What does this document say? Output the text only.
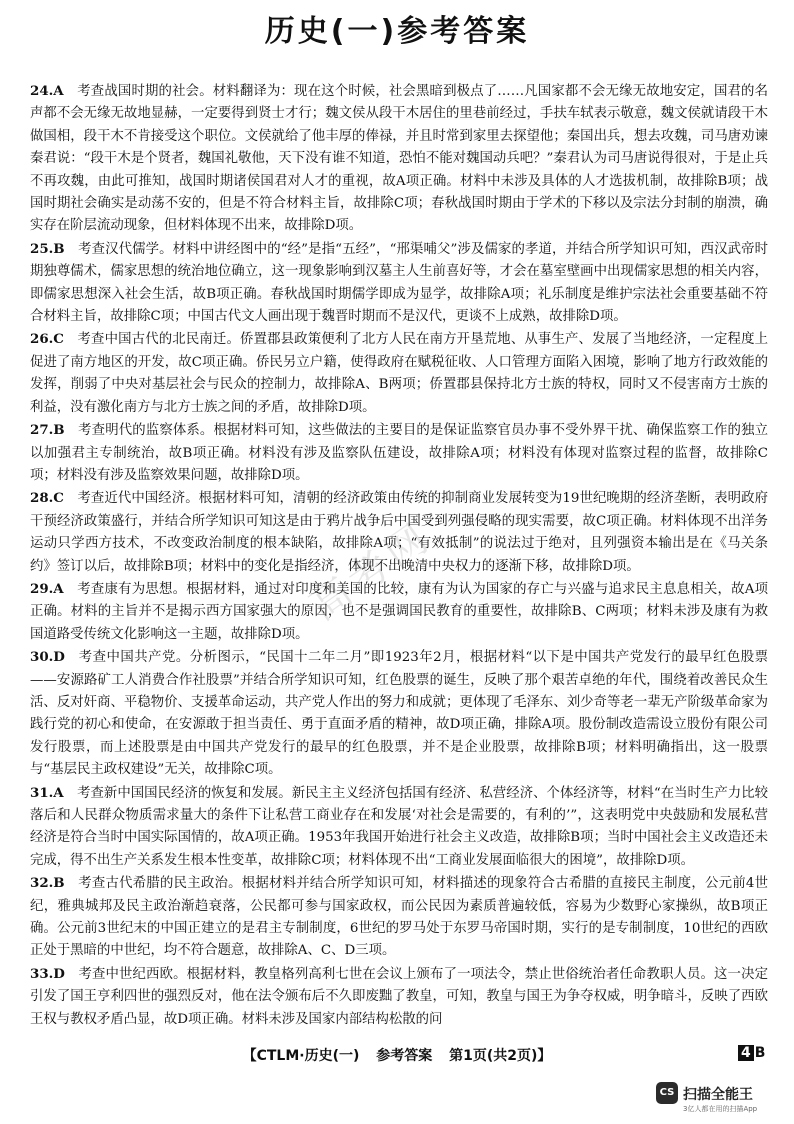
历史(一)参考答案
高考网

24.A  考查战国时期的社会。材料翻译为：现在这个时候，社会黑暗到极点了……凡国家都不会无缘无故地安定，国君的名声都不会无缘无故地显赫，一定要得到贤士才行；魏文侯从段干木居住的里巷前经过，手扶车轼表示敬意，魏文侯就请段干木做国相，段干木不肯接受这个职位。文侯就给了他丰厚的俸禄，并且时常到家里去探望他；秦国出兵，想去攻魏，司马唐劝谏秦君说：“段干木是个贤者，魏国礼敬他，天下没有谁不知道，恐怕不能对魏国动兵吧？”秦君认为司马唐说得很对，于是止兵不再攻魏，由此可推知，战国时期诸侯国君对人才的重视，故A项正确。材料中未涉及具体的人才选拔机制，故排除B项；战国时期社会确实是动荡不安的，但是不符合材料主旨，故排除C项；春秋战国时期由于学术的下移以及宗法分封制的崩溃，确实存在阶层流动现象，但材料体现不出来，故排除D项。

25.B  考查汉代儒学。材料中讲经图中的“经”是指“五经”，“邢渠哺父”涉及儒家的孝道，并结合所学知识可知，西汉武帝时期独尊儒术，儒家思想的统治地位确立，这一现象影响到汉墓主人生前喜好等，才会在墓室壁画中出现儒家思想的相关内容，即儒家思想深入社会生活，故B项正确。春秋战国时期儒学即成为显学，故排除A项；礼乐制度是维护宗法社会重要基础不符合材料主旨，故排除C项；中国古代文人画出现于魏晋时期而不是汉代，更谈不上成熟，故排除D项。

26.C  考查中国古代的北民南迁。侨置郡县政策便利了北方人民在南方开垦荒地、从事生产、发展了当地经济，一定程度上促进了南方地区的开发，故C项正确。侨民另立户籍，使得政府在赋税征收、人口管理方面陷入困境，影响了地方行政效能的发挥，削弱了中央对基层社会与民众的控制力，故排除A、B两项；侨置郡县保持北方士族的特权，同时又不侵害南方士族的利益，没有激化南方与北方士族之间的矛盾，故排除D项。

27.B  考查明代的监察体系。根据材料可知，这些做法的主要目的是保证监察官员办事不受外界干扰、确保监察工作的独立以加强君主专制统治，故B项正确。材料没有涉及监察队伍建设，故排除A项；材料没有体现对监察过程的监督，故排除C项；材料没有涉及监察效果问题，故排除D项。

28.C  考查近代中国经济。根据材料可知，清朝的经济政策由传统的抑制商业发展转变为19世纪晚期的经济垄断，表明政府干预经济政策盛行，并结合所学知识可知这是由于鸦片战争后中国受到列强侵略的现实需要，故C项正确。材料体现不出洋务运动只学西方技术，不改变政治制度的根本缺陷，故排除A项；“有效抵制”的说法过于绝对，且列强资本输出是在《马关条约》签订以后，故排除B项；材料中的变化是指经济，体现不出晚清中央权力的逐渐下移，故排除D项。

29.A  考查康有为思想。根据材料，通过对印度和美国的比较，康有为认为国家的存亡与兴盛与追求民主息息相关，故A项正确。材料的主旨并不是揭示西方国家强大的原因，也不是强调国民教育的重要性，故排除B、C两项；材料未涉及康有为救国道路受传统文化影响这一主题，故排除D项。

30.D  考查中国共产党。分析图示，“民国十二年二月”即1923年2月，根据材料“以下是中国共产党发行的最早红色股票——安源路矿工人消费合作社股票”并结合所学知识可知，红色股票的诞生，反映了那个艰苦卓绝的年代，围绕着改善民众生活、反对奸商、平稳物价、支援革命运动，共产党人作出的努力和成就；更体现了毛泽东、刘少奇等老一辈无产阶级革命家为践行党的初心和使命，在安源敢于担当责任、勇于直面矛盾的精神，故D项正确，排除A项。股份制改造需设立股份有限公司发行股票，而上述股票是由中国共产党发行的最早的红色股票，并不是企业股票，故排除B项；材料明确指出，这一股票与“基层民主政权建设”无关，故排除C项。

31.A  考查新中国国民经济的恢复和发展。新民主主义经济包括国有经济、私营经济、个体经济等，材料“在当时生产力比较落后和人民群众物质需求量大的条件下让私营工商业存在和发展‘对社会是需要的，有利的’”，这表明党中央鼓励和发展私营经济是符合当时中国实际国情的，故A项正确。1953年我国开始进行社会主义改造，故排除B项；当时中国社会主义改造还未完成，得不出生产关系发生根本性变革，故排除C项；材料体现不出“工商业发展面临很大的困境”，故排除D项。

32.B  考查古代希腊的民主政治。根据材料并结合所学知识可知，材料描述的现象符合古希腊的直接民主制度，公元前4世纪，雅典城邦及民主政治渐趋衰落，公民都可参与国家政权，而公民因为素质普遍较低，容易为少数野心家操纵，故B项正确。公元前3世纪末的中国正建立的是君主专制制度，6世纪的罗马处于东罗马帝国时期，实行的是专制制度，10世纪的西欧正处于黑暗的中世纪，均不符合题意，故排除A、C、D三项。

33.D  考查中世纪西欧。根据材料，教皇格列高利七世在会议上颁布了一项法令，禁止世俗统治者任命教职人员。这一决定引发了国王亨利四世的强烈反对，他在法令颁布后不久即废黜了教皇，可知，教皇与国王为争夺权威，明争暗斗，反映了西欧王权与教权矛盾凸显，故D项正确。材料未涉及国家内部结构松散的问

【CTLM·历史(一) 参考答案 第1页(共2页)】	4 B
CS 扫描全能王
3亿人都在用的扫描App
